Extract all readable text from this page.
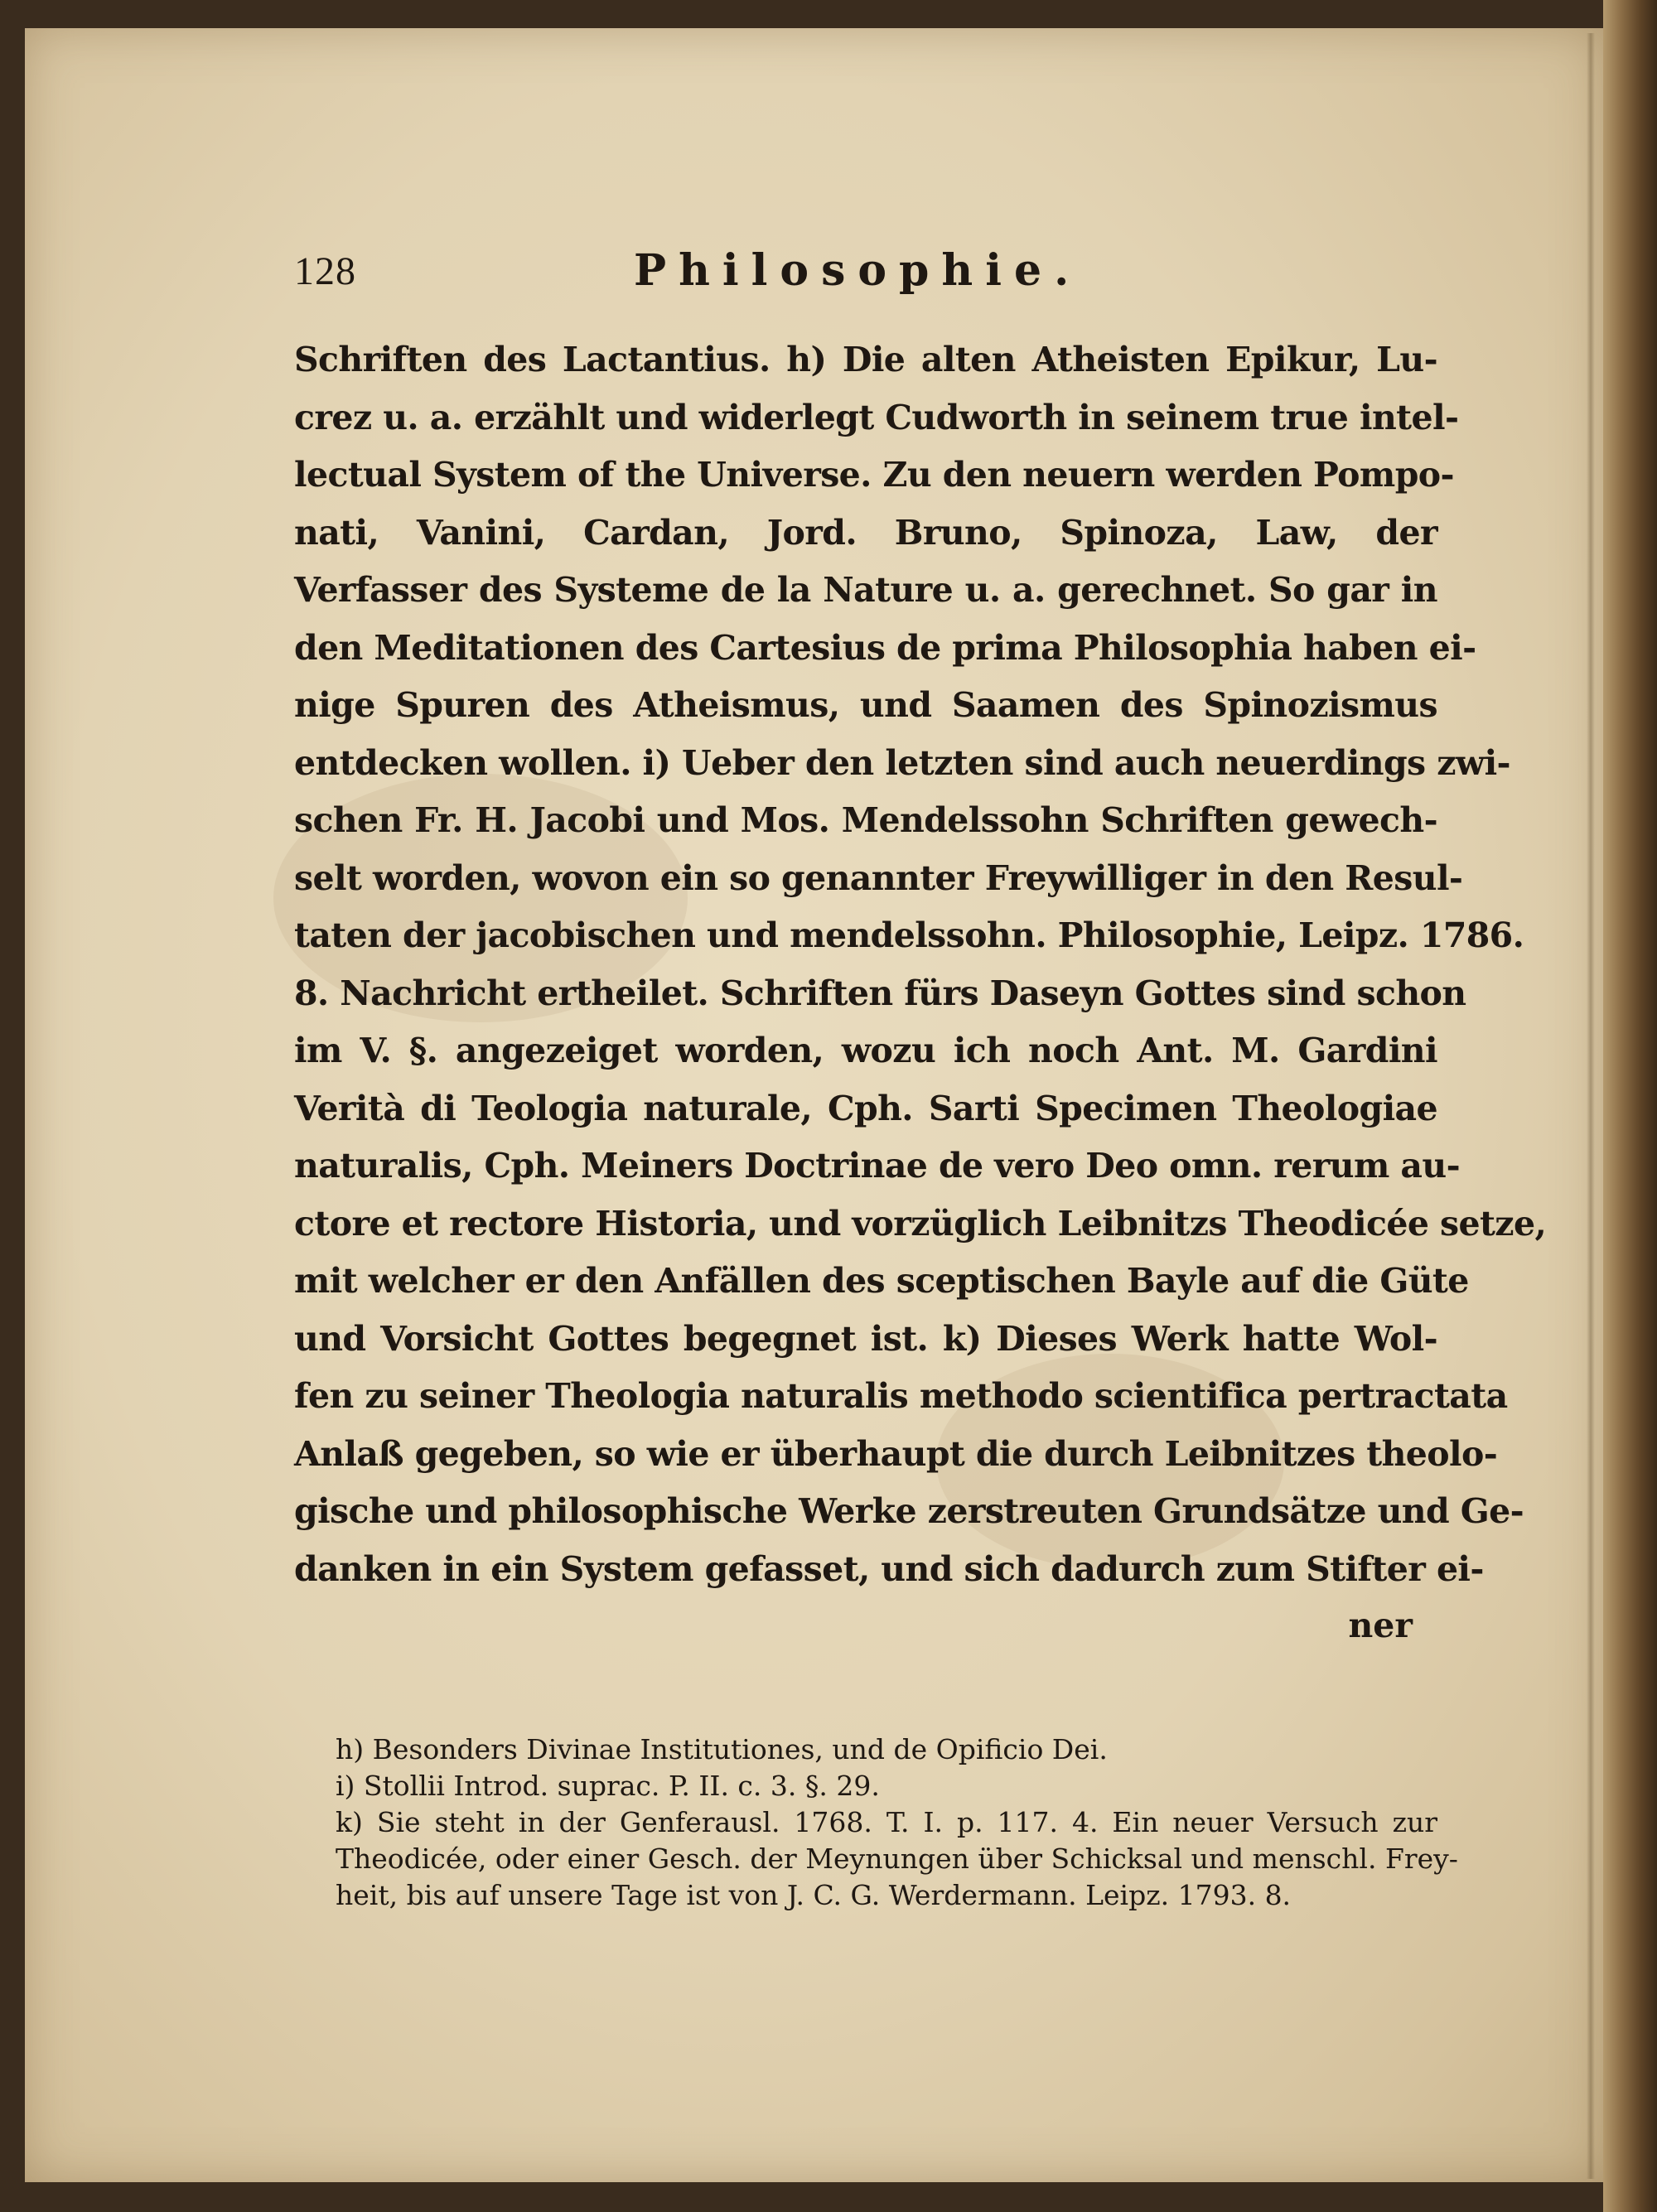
128	Philosophie.
Schriften des Lactantius. h) Die alten Atheisten Epikur, Lu-
crez u. a. erzählt und widerlegt Cudworth in seinem true intel-
lectual System of the Universe. Zu den neuern werden Pompo-
nati, Vanini, Cardan, Jord. Bruno, Spinoza, Law, der
Verfasser des Systeme de la Nature u. a. gerechnet. So gar in
den Meditationen des Cartesius de prima Philosophia haben ei-
nige Spuren des Atheismus, und Saamen des Spinozismus
entdecken wollen. i) Ueber den letzten sind auch neuerdings zwi-
schen Fr. H. Jacobi und Mos. Mendelssohn Schriften gewech-
selt worden, wovon ein so genannter Freywilliger in den Resul-
taten der jacobischen und mendelssohn. Philosophie, Leipz. 1786.
8. Nachricht ertheilet. Schriften fürs Daseyn Gottes sind schon
im V. §. angezeiget worden, wozu ich noch Ant. M. Gardini
Verità di Teologia naturale, Cph. Sarti Specimen Theologiae
naturalis, Cph. Meiners Doctrinae de vero Deo omn. rerum au-
ctore et rectore Historia, und vorzüglich Leibnitzs Theodicée setze,
mit welcher er den Anfällen des sceptischen Bayle auf die Güte
und Vorsicht Gottes begegnet ist. k) Dieses Werk hatte Wol-
fen zu seiner Theologia naturalis methodo scientifica pertractata
Anlaß gegeben, so wie er überhaupt die durch Leibnitzes theolo-
gische und philosophische Werke zerstreuten Grundsätze und Ge-
danken in ein System gefasset, und sich dadurch zum Stifter ei-
ner
h) Besonders Divinae Institutiones, und de Opificio Dei.
i) Stollii Introd. suprac. P. II. c. 3. §. 29.
k) Sie steht in der Genferausl. 1768. T. I. p. 117. 4. Ein neuer Versuch zur
Theodicée, oder einer Gesch. der Meynungen über Schicksal und menschl. Frey-
heit, bis auf unsere Tage ist von J. C. G. Werdermann. Leipz. 1793. 8.
